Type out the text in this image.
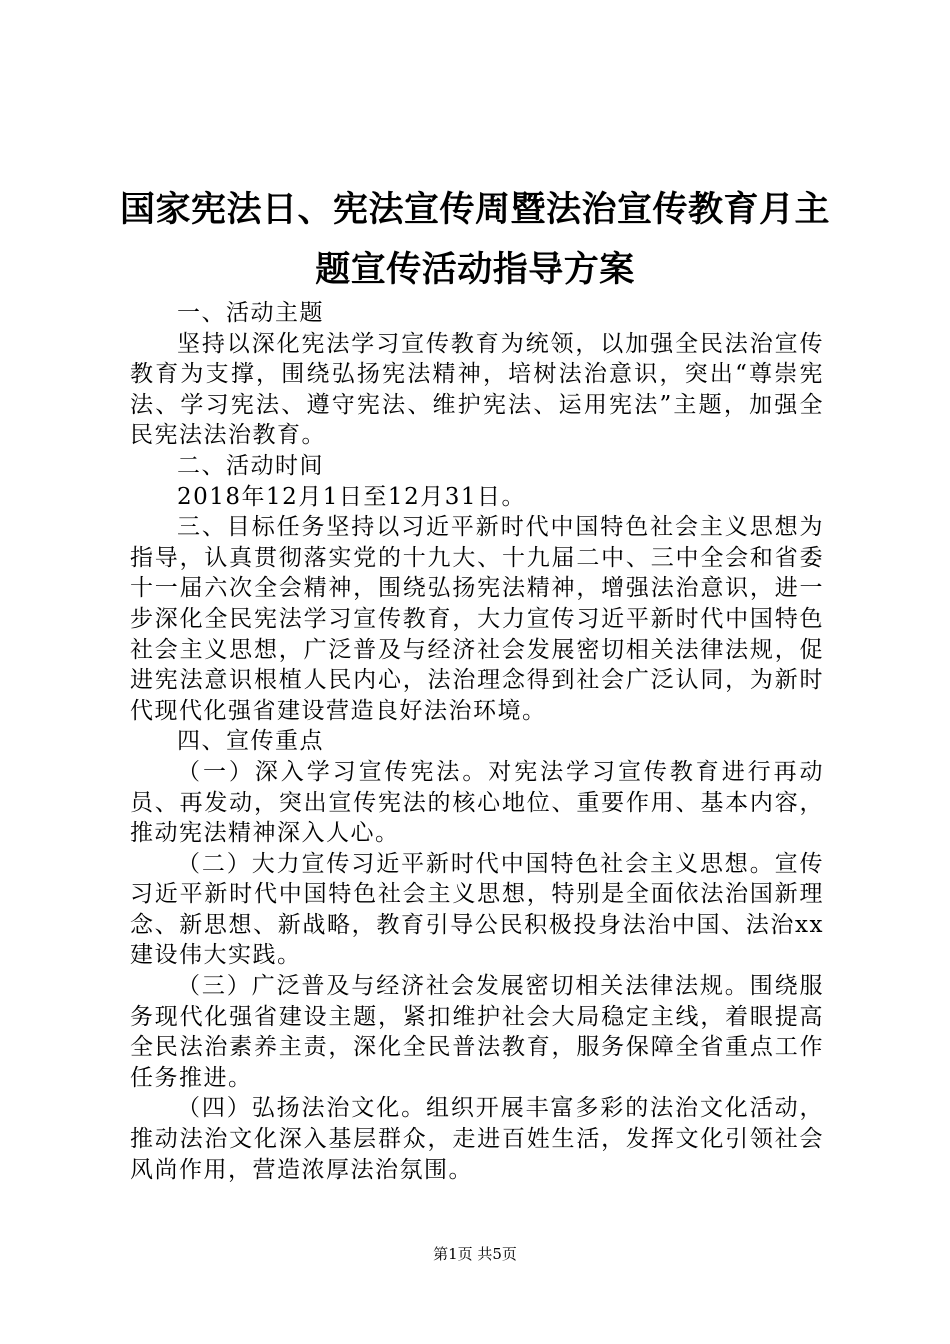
国家宪法日、宪法宣传周暨法治宣传教育月主
题宣传活动指导方案

一、活动主题

坚持以深化宪法学习宣传教育为统领，以加强全民法治宣传教育为支撑，围绕弘扬宪法精神，培树法治意识，突出“尊崇宪法、学习宪法、遵守宪法、维护宪法、运用宪法”主题，加强全民宪法法治教育。

二、活动时间

2018年12月1日至12月31日。

三、目标任务坚持以习近平新时代中国特色社会主义思想为指导，认真贯彻落实党的十九大、十九届二中、三中全会和省委十一届六次全会精神，围绕弘扬宪法精神，增强法治意识，进一步深化全民宪法学习宣传教育，大力宣传习近平新时代中国特色社会主义思想，广泛普及与经济社会发展密切相关法律法规，促进宪法意识根植人民内心，法治理念得到社会广泛认同，为新时代现代化强省建设营造良好法治环境。

四、宣传重点

（一）深入学习宣传宪法。对宪法学习宣传教育进行再动员、再发动，突出宣传宪法的核心地位、重要作用、基本内容，推动宪法精神深入人心。

（二）大力宣传习近平新时代中国特色社会主义思想。宣传习近平新时代中国特色社会主义思想，特别是全面依法治国新理念、新思想、新战略，教育引导公民积极投身法治中国、法治xx建设伟大实践。

（三）广泛普及与经济社会发展密切相关法律法规。围绕服务现代化强省建设主题，紧扣维护社会大局稳定主线，着眼提高全民法治素养主责，深化全民普法教育，服务保障全省重点工作任务推进。

（四）弘扬法治文化。组织开展丰富多彩的法治文化活动，推动法治文化深入基层群众，走进百姓生活，发挥文化引领社会风尚作用，营造浓厚法治氛围。

第1页 共5页
